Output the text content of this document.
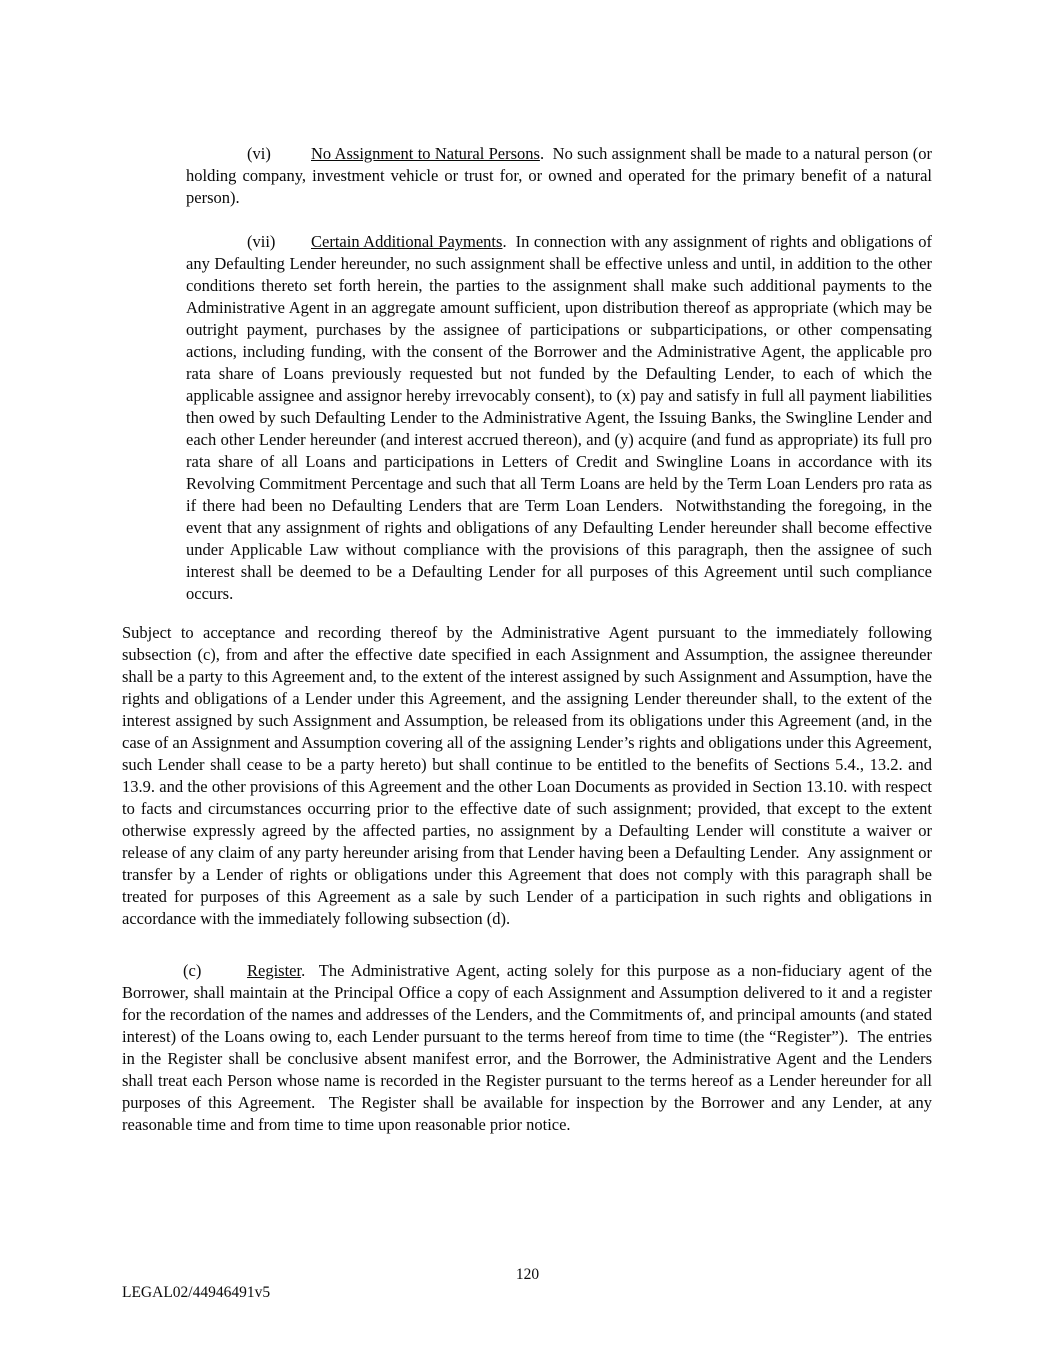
(vi) No Assignment to Natural Persons.  No such assignment shall be made to a natural person (or holding company, investment vehicle or trust for, or owned and operated for the primary benefit of a natural person).

(vii) Certain Additional Payments.  In connection with any assignment of rights and obligations of any Defaulting Lender hereunder, no such assignment shall be effective unless and until, in addition to the other conditions thereto set forth herein, the parties to the assignment shall make such additional payments to the Administrative Agent in an aggregate amount sufficient, upon distribution thereof as appropriate (which may be outright payment, purchases by the assignee of participations or subparticipations, or other compensating actions, including funding, with the consent of the Borrower and the Administrative Agent, the applicable pro rata share of Loans previously requested but not funded by the Defaulting Lender, to each of which the applicable assignee and assignor hereby irrevocably consent), to (x) pay and satisfy in full all payment liabilities then owed by such Defaulting Lender to the Administrative Agent, the Issuing Banks, the Swingline Lender and each other Lender hereunder (and interest accrued thereon), and (y) acquire (and fund as appropriate) its full pro rata share of all Loans and participations in Letters of Credit and Swingline Loans in accordance with its Revolving Commitment Percentage and such that all Term Loans are held by the Term Loan Lenders pro rata as if there had been no Defaulting Lenders that are Term Loan Lenders.  Notwithstanding the foregoing, in the event that any assignment of rights and obligations of any Defaulting Lender hereunder shall become effective under Applicable Law without compliance with the provisions of this paragraph, then the assignee of such interest shall be deemed to be a Defaulting Lender for all purposes of this Agreement until such compliance occurs.

Subject to acceptance and recording thereof by the Administrative Agent pursuant to the immediately following subsection (c), from and after the effective date specified in each Assignment and Assumption, the assignee thereunder shall be a party to this Agreement and, to the extent of the interest assigned by such Assignment and Assumption, have the rights and obligations of a Lender under this Agreement, and the assigning Lender thereunder shall, to the extent of the interest assigned by such Assignment and Assumption, be released from its obligations under this Agreement (and, in the case of an Assignment and Assumption covering all of the assigning Lender’s rights and obligations under this Agreement, such Lender shall cease to be a party hereto) but shall continue to be entitled to the benefits of Sections 5.4., 13.2. and 13.9. and the other provisions of this Agreement and the other Loan Documents as provided in Section 13.10. with respect to facts and circumstances occurring prior to the effective date of such assignment; provided, that except to the extent otherwise expressly agreed by the affected parties, no assignment by a Defaulting Lender will constitute a waiver or release of any claim of any party hereunder arising from that Lender having been a Defaulting Lender.  Any assignment or transfer by a Lender of rights or obligations under this Agreement that does not comply with this paragraph shall be treated for purposes of this Agreement as a sale by such Lender of a participation in such rights and obligations in accordance with the immediately following subsection (d).

(c)	Register.  The Administrative Agent, acting solely for this purpose as a non-fiduciary agent of the Borrower, shall maintain at the Principal Office a copy of each Assignment and Assumption delivered to it and a register for the recordation of the names and addresses of the Lenders, and the Commitments of, and principal amounts (and stated interest) of the Loans owing to, each Lender pursuant to the terms hereof from time to time (the “Register”).  The entries in the Register shall be conclusive absent manifest error, and the Borrower, the Administrative Agent and the Lenders shall treat each Person whose name is recorded in the Register pursuant to the terms hereof as a Lender hereunder for all purposes of this Agreement.  The Register shall be available for inspection by the Borrower and any Lender, at any reasonable time and from time to time upon reasonable prior notice.

120
LEGAL02/44946491v5
